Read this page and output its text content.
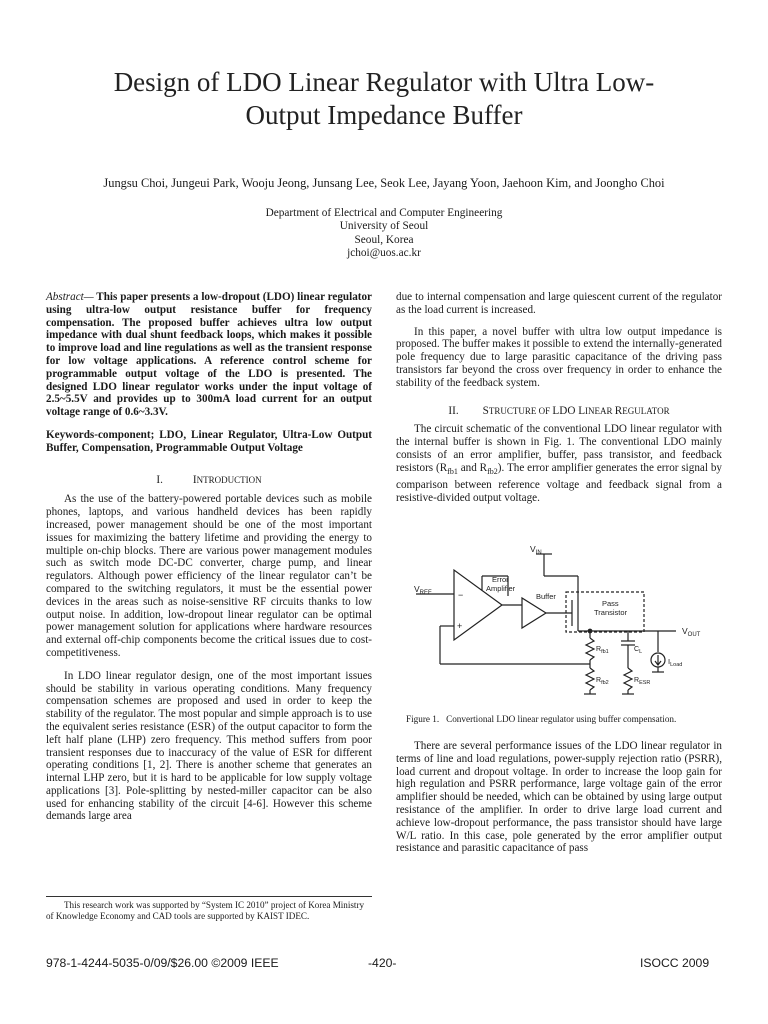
Design of LDO Linear Regulator with Ultra Low-
Output Impedance Buffer
Jungsu Choi, Jungeui Park, Wooju Jeong, Junsang Lee, Seok Lee, Jayang Yoon, Jaehoon Kim, and Joongho Choi
Department of Electrical and Computer Engineering
University of Seoul
Seoul, Korea
jchoi@uos.ac.kr

Abstract— This paper presents a low-dropout (LDO) linear regulator using ultra-low output resistance buffer for frequency compensation. The proposed buffer achieves ultra low output impedance with dual shunt feedback loops, which makes it possible to improve load and line regulations as well as the transient response for low voltage applications. A reference control scheme for programmable output voltage of the LDO is presented. The designed LDO linear regulator works under the input voltage of 2.5~5.5V and provides up to 300mA load current for an output voltage range of 0.6~3.3V.

Keywords-component; LDO, Linear Regulator, Ultra-Low Output Buffer, Compensation, Programmable Output Voltage

I.	INTRODUCTION

As the use of the battery-powered portable devices such as mobile phones, laptops, and various handheld devices has been rapidly increased, power management should be one of the most important issues for maximizing the battery lifetime and providing the energy to multiple on-chip blocks. There are various power management modules such as switch mode DC-DC converter, charge pump, and linear regulators. Although power efficiency of the linear regulator can’t be compared to the switching regulators, it must be the essential power devices in the areas such as noise-sensitive RF circuits thanks to low output noise. In addition, low-dropout linear regulator can be optimal power management solution for applications where hardware resources and external off-chip components become the critical issues due to cost-competitiveness.

In LDO linear regulator design, one of the most important issues should be stability in various operating conditions. Many frequency compensation schemes are proposed and used in order to keep the stability of the regulator. The most popular and simple approach is to use the equivalent series resistance (ESR) of the output capacitor to form the left half plane (LHP) zero frequency. This method suffers from poor transient responses due to inaccuracy of the value of ESR for different operating conditions [1, 2]. There is another scheme that generates an internal LHP zero, but it is hard to be applicable for low supply voltage applications [3]. Pole-splitting by nested-miller capacitor can be also used for enhancing stability of the circuit [4-6]. However this scheme demands large area

due to internal compensation and large quiescent current of the regulator as the load current is increased.

In this paper, a novel buffer with ultra low output impedance is proposed. The buffer makes it possible to extend the internally-generated pole frequency due to large parasitic capacitance of the driving pass transistors far beyond the cross over frequency in order to enhance the stability of the feedback system.

II. STRUCTURE OF LDO LINEAR REGULATOR

The circuit schematic of the conventional LDO linear regulator with the internal buffer is shown in Fig. 1. The conventional LDO mainly consists of an error amplifier, buffer, pass transistor, and feedback resistors ($R_{fb1}$ and $R_{fb2}$). The error amplifier generates the error signal by comparison between reference voltage and feedback signal from a resistive-divided output voltage.

$V_{IN}$
$V_{REF}$
$V_{OUT}$
Error
Amplifier
Buffer
Pass
Transistor
$R_{fb1}$
$R_{fb2}$
$C_L$
$R_{ESR}$
$I_{Load}$
−
+
Figure 1. Convertional LDO linear regulator using buffer compensation.

There are several performance issues of the LDO linear regulator in terms of line and load regulations, power-supply rejection ratio (PSRR), load current and dropout voltage. In order to increase the loop gain for high regulation and PSRR performance, large voltage gain of the error amplifier should be needed, which can be obtained by using large output resistance of the amplifier. In order to drive large load current and achieve low-dropout performance, the pass transistor should have large W/L ratio. In this case, pole generated by the error amplifier output resistance and parasitic capacitance of pass

This research work was supported by “System IC 2010” project of Korea Ministry of Knowledge Economy and CAD tools are supported by KAIST IDEC.
978-1-4244-5035-0/09/$26.00 ©2009 IEEE	-420-	ISOCC 2009
